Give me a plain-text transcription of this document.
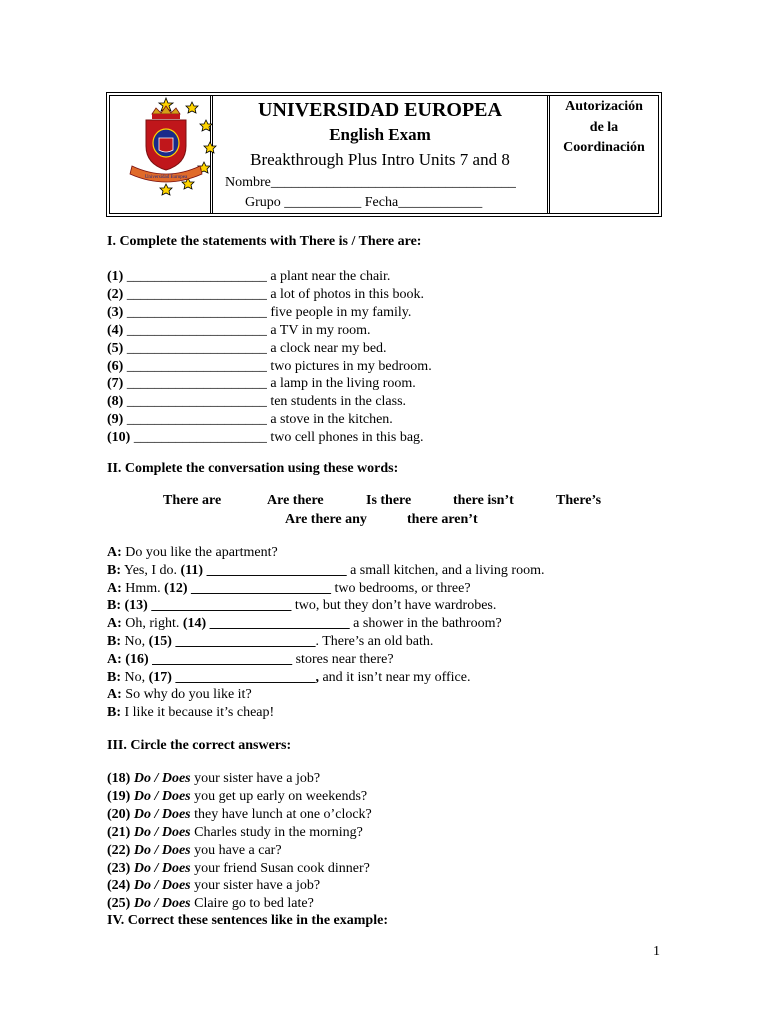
Universidad Europea
UNIVERSIDAD EUROPEA
English Exam
Breakthrough Plus Intro Units 7 and 8
Nombre___________________________________
Grupo ___________ Fecha____________
Autorización
de la
Coordinación
I. Complete the statements with There is / There are:
(1) ____________________ a plant near the chair.
(2) ____________________ a lot of photos in this book.
(3) ____________________ five people in my family.
(4) ____________________ a TV in my room.
(5) ____________________ a clock near my bed.
(6) ____________________ two pictures in my bedroom.
(7) ____________________ a lamp in the living room.
(8) ____________________ ten students in the class.
(9) ____________________ a stove in the kitchen.
(10) ___________________ two cell phones in this bag.
II. Complete the conversation using these words:
There are	Are there	Is there	there isn’t	There’s
Are there any	there aren’t
A: Do you like the apartment?
B: Yes, I do. (11) ____________________ a small kitchen, and a living room.
A: Hmm. (12) ____________________ two bedrooms, or three?
B: (13) ____________________ two, but they don’t have wardrobes.
A: Oh, right. (14) ____________________ a shower in the bathroom?
B: No, (15) ____________________. There’s an old bath.
A: (16) ____________________ stores near there?
B: No, (17) ____________________, and it isn’t near my office.
A: So why do you like it?
B: I like it because it’s cheap!
III. Circle the correct answers:
(18) Do / Does your sister have a job?
(19) Do / Does you get up early on weekends?
(20) Do / Does they have lunch at one o’clock?
(21) Do / Does Charles study in the morning?
(22) Do / Does you have a car?
(23) Do / Does your friend Susan cook dinner?
(24) Do / Does your sister have a job?
(25) Do / Does Claire go to bed late?
IV. Correct these sentences like in the example:
1
